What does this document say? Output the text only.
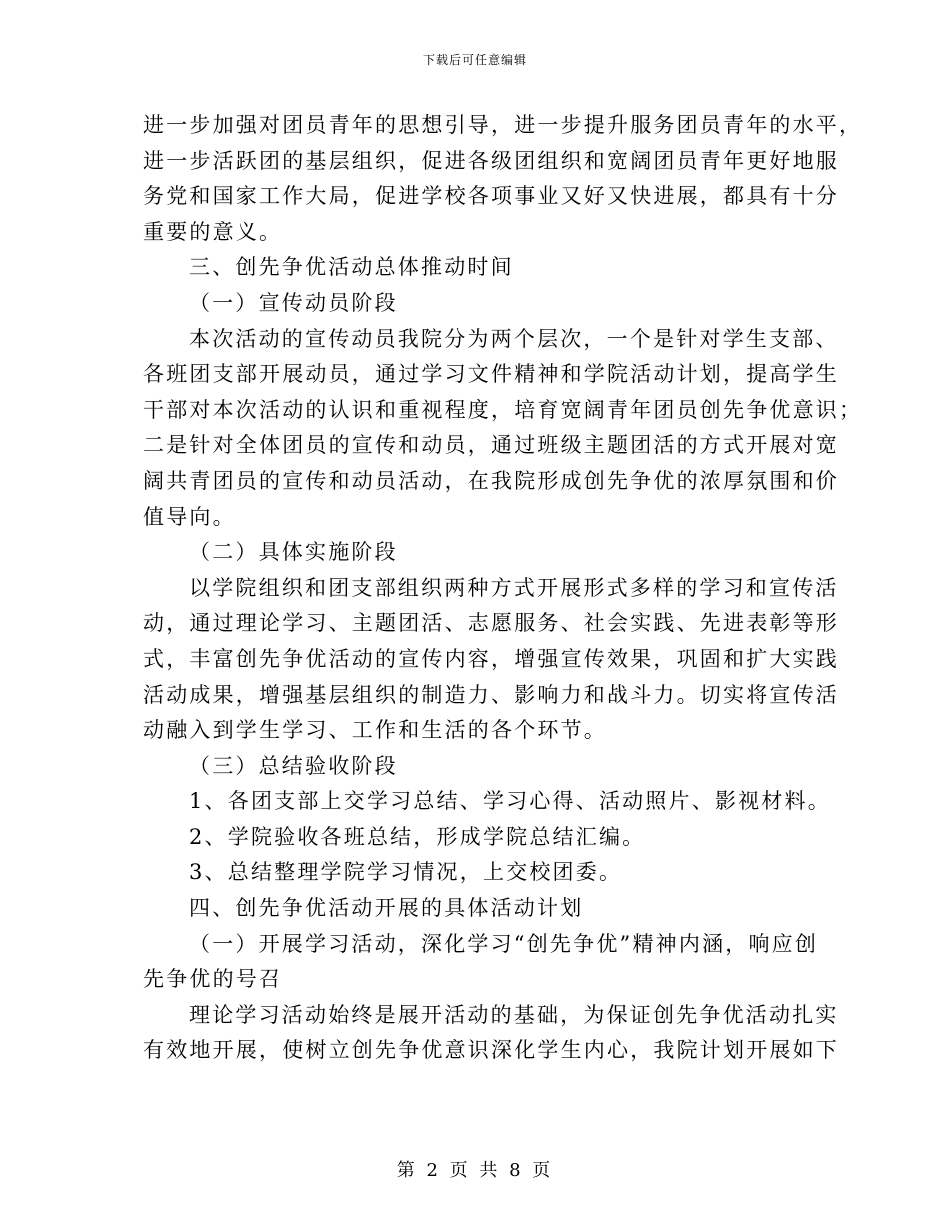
下载后可任意编辑
进一步加强对团员青年的思想引导，进一步提升服务团员青年的水平，
进一步活跃团的基层组织，促进各级团组织和宽阔团员青年更好地服
务党和国家工作大局，促进学校各项事业又好又快进展，都具有十分
重要的意义。
三、创先争优活动总体推动时间
（一）宣传动员阶段
本次活动的宣传动员我院分为两个层次，一个是针对学生支部、
各班团支部开展动员，通过学习文件精神和学院活动计划，提高学生
干部对本次活动的认识和重视程度，培育宽阔青年团员创先争优意识；
二是针对全体团员的宣传和动员，通过班级主题团活的方式开展对宽
阔共青团员的宣传和动员活动，在我院形成创先争优的浓厚氛围和价
值导向。
（二）具体实施阶段
以学院组织和团支部组织两种方式开展形式多样的学习和宣传活
动，通过理论学习、主题团活、志愿服务、社会实践、先进表彰等形
式，丰富创先争优活动的宣传内容，增强宣传效果，巩固和扩大实践
活动成果，增强基层组织的制造力、影响力和战斗力。切实将宣传活
动融入到学生学习、工作和生活的各个环节。
（三）总结验收阶段
1、各团支部上交学习总结、学习心得、活动照片、影视材料。
2、学院验收各班总结，形成学院总结汇编。
3、总结整理学院学习情况，上交校团委。
四、创先争优活动开展的具体活动计划
（一）开展学习活动，深化学习“创先争优”精神内涵，响应创
先争优的号召
理论学习活动始终是展开活动的基础，为保证创先争优活动扎实
有效地开展，使树立创先争优意识深化学生内心，我院计划开展如下
第 2 页 共 8 页
